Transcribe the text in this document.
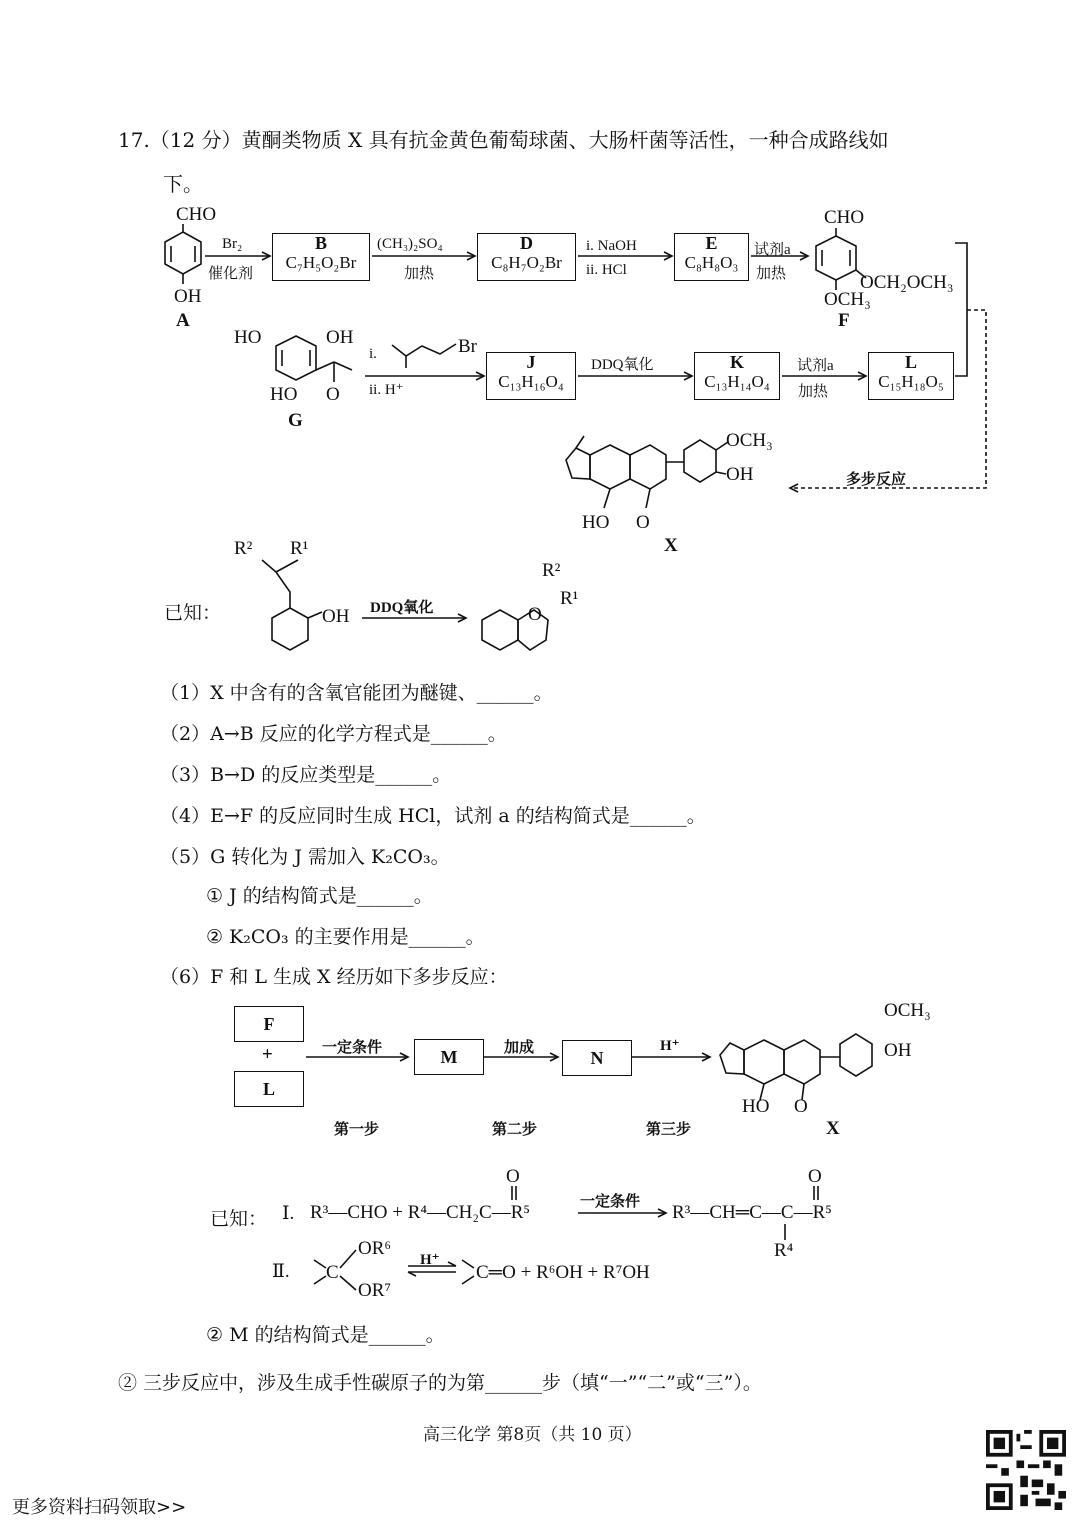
17.（12 分）黄酮类物质 X 具有抗金黄色葡萄球菌、大肠杆菌等活性，一种合成路线如
下。
CHO
OH
A
Br₂
催化剂
B
C₇H₅O₂Br
(CH₃)₂SO₄
加热
D
C₈H₇O₂Br
i. NaOH
ii. HCl
E
C₈H₈O₃
试剂a
加热
CHO
OCH₂OCH₃
OCH₃
F
HO	OH
HO O
G
i.	Br
ii. H⁺
J
C₁₃H₁₆O₄
DDQ氧化	K
C₁₃H₁₄O₄
试剂a
加热
L
C₁₅H₁₈O₅
多步反应
OCH₃
OH
HO O
X
已知：
R² R¹
OH DDQ氧化
R²
R¹
O
（1）X 中含有的含氧官能团为醚键、______。
（2）A→B 反应的化学方程式是______。
（3）B→D 的反应类型是______。
（4）E→F 的反应同时生成 HCl，试剂 a 的结构简式是______。
（5）G 转化为 J 需加入 K₂CO₃。
① J 的结构简式是______。
② K₂CO₃ 的主要作用是______。
（6）F 和 L 生成 X 经历如下多步反应：
F
+
L
一定条件	M	加成	N
H⁺
第一步	第二步	第三步
OCH₃
OH
HO O
X
已知： Ⅰ.
O
R³—CHO + R⁴—CH₂C—R⁵	一定条件
O
R³—CH═C—C—R⁵
R⁴
Ⅱ. C
OR⁶
OR⁷
H⁺
C═O + R⁶OH + R⁷OH
② M 的结构简式是______。
② 三步反应中，涉及生成手性碳原子的为第______步（填“一”“二”或“三”）。
高三化学 第8页（共 10 页）
更多资料扫码领取>>
